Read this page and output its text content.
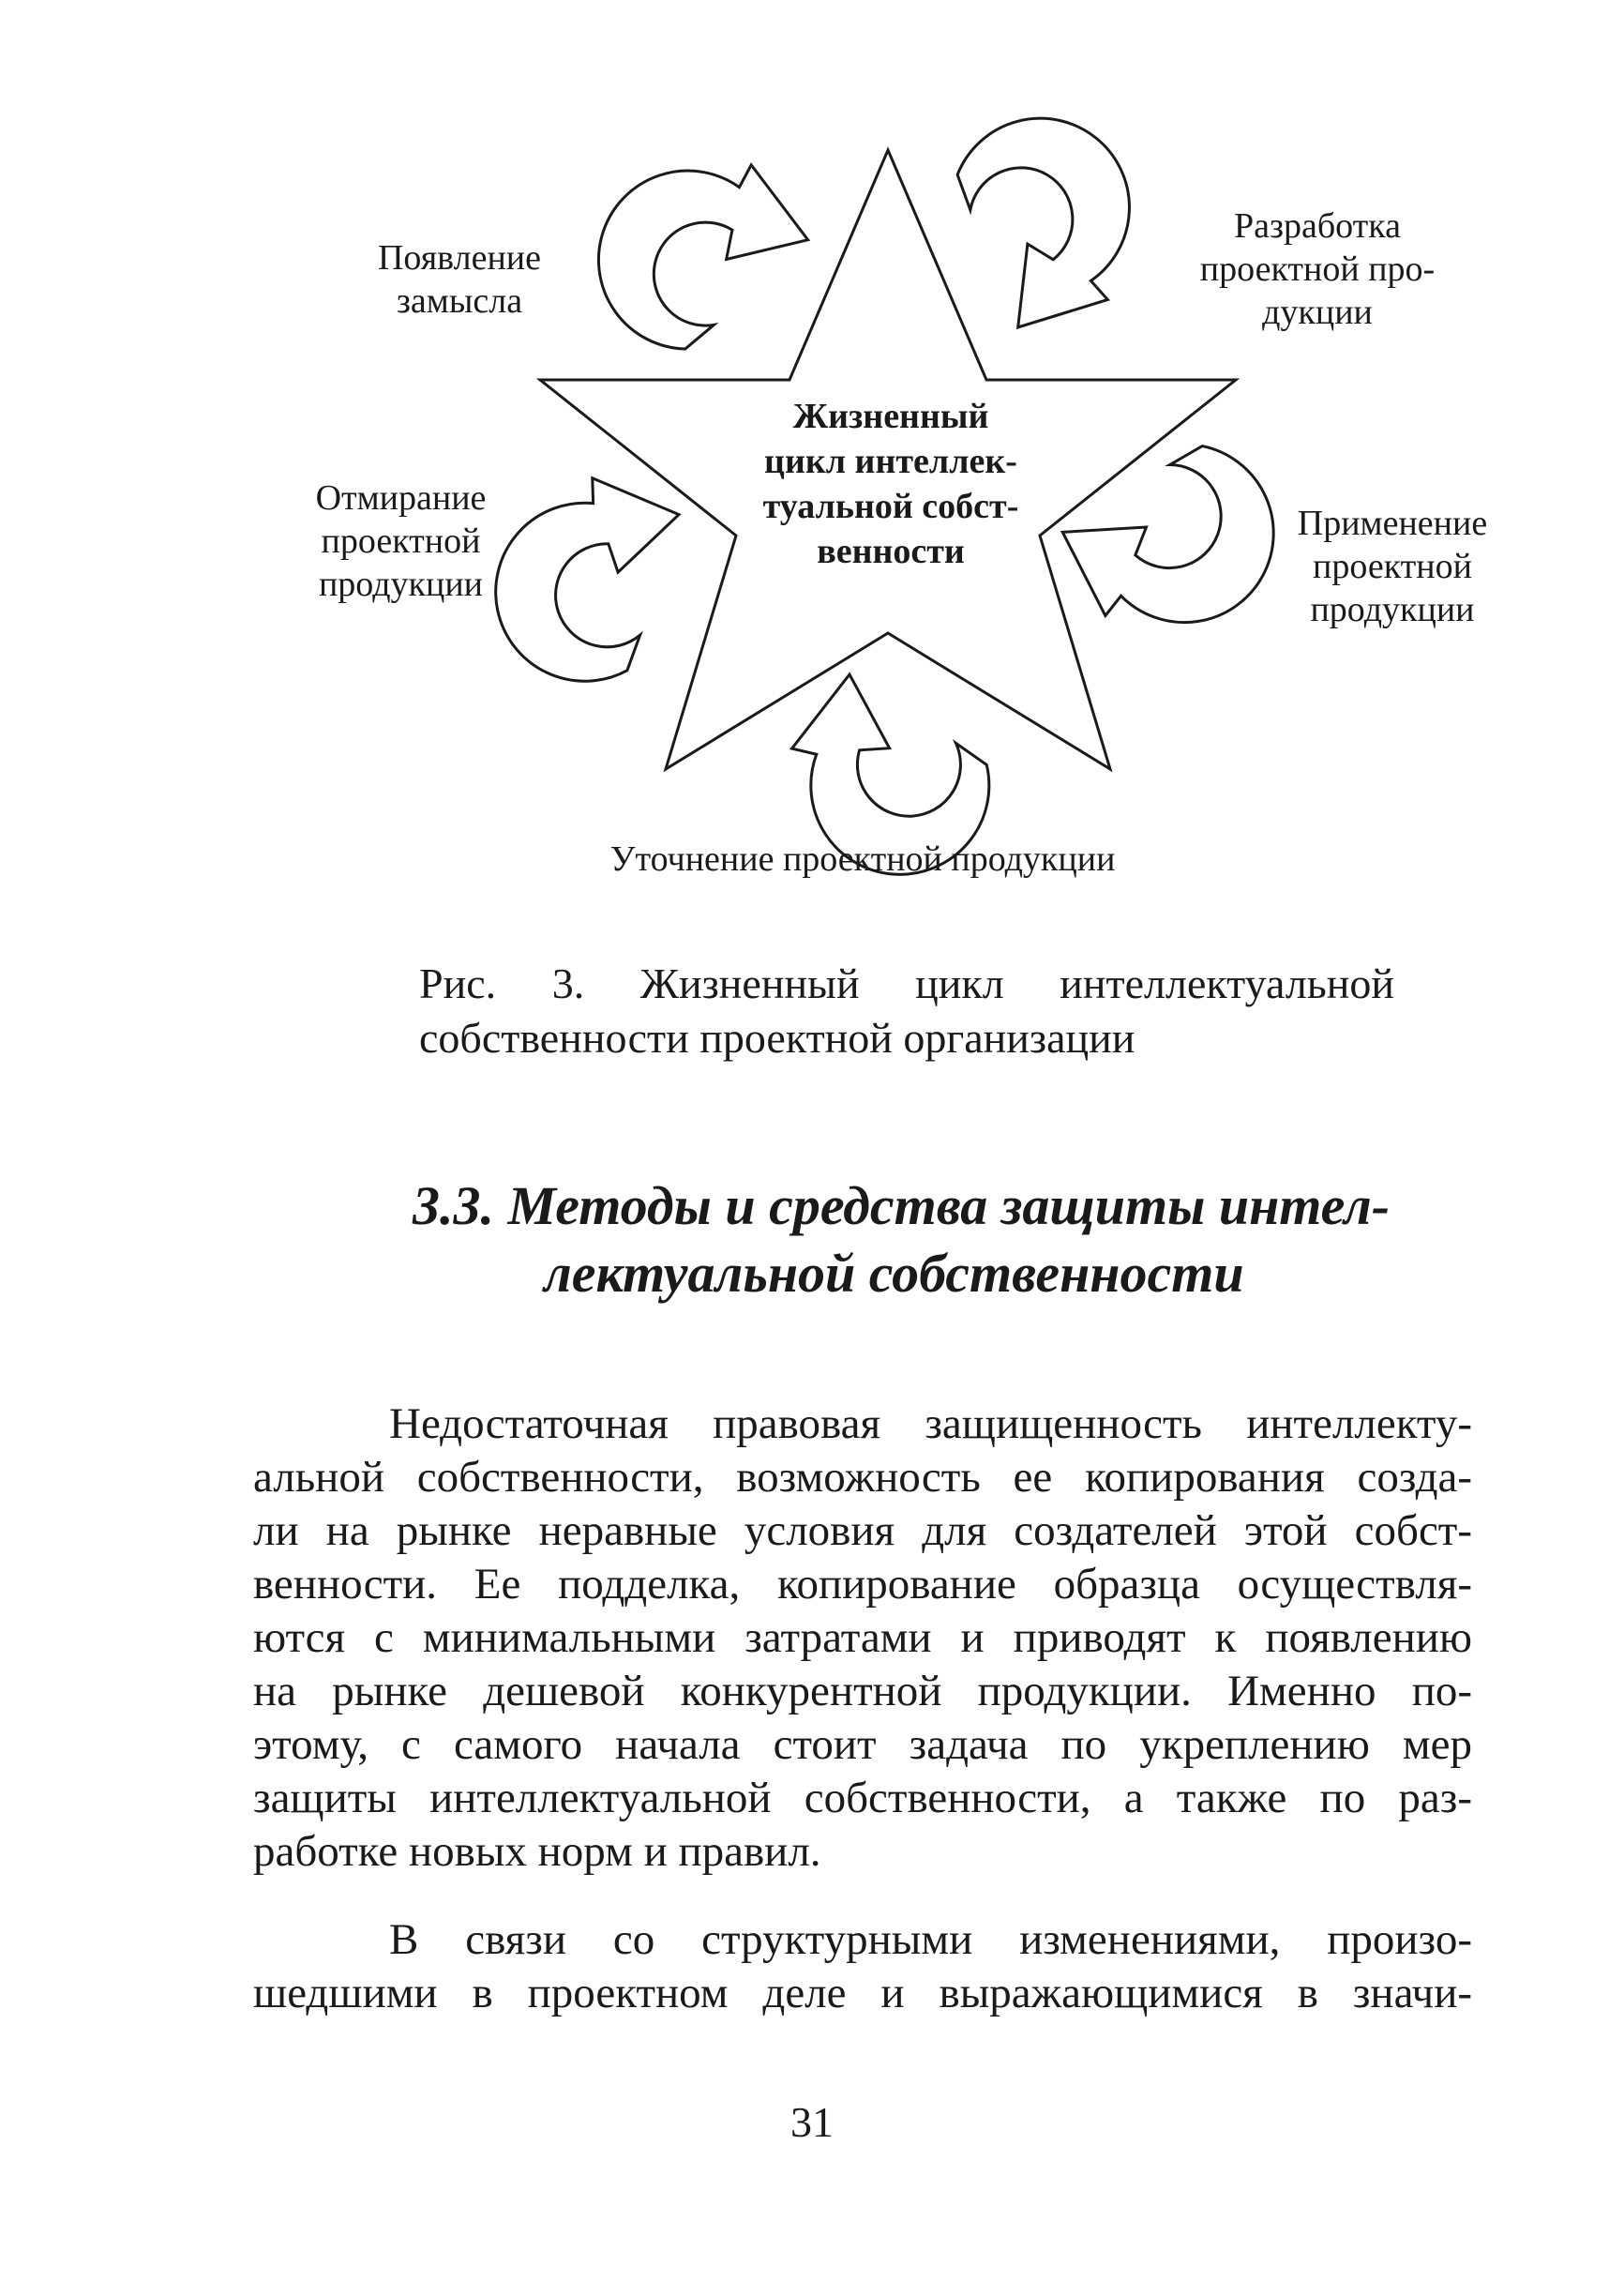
Жизненный
цикл интеллек-
туальной собст-
венности

Появление
замысла

Разработка
проектной про-
дукции

Применение
проектной
продукции

Уточнение проектной продукции

Отмирание
проектной
продукции

Рис. 3. Жизненный цикл интеллектуальной
собственности проектной организации

3.3. Методы и средства защиты интел-
лектуальной собственности

Недостаточная правовая защищенность интеллекту-
альной собственности, возможность ее копирования созда-
ли на рынке неравные условия для создателей этой собст-
венности. Ее подделка, копирование образца осуществля-
ются с минимальными затратами и приводят к появлению
на рынке дешевой конкурентной продукции. Именно по-
этому, с самого начала стоит задача по укреплению мер
защиты интеллектуальной собственности, а также по раз-
работке новых норм и правил.

В связи со структурными изменениями, произо-
шедшими в проектном деле и выражающимися в значи-

31
